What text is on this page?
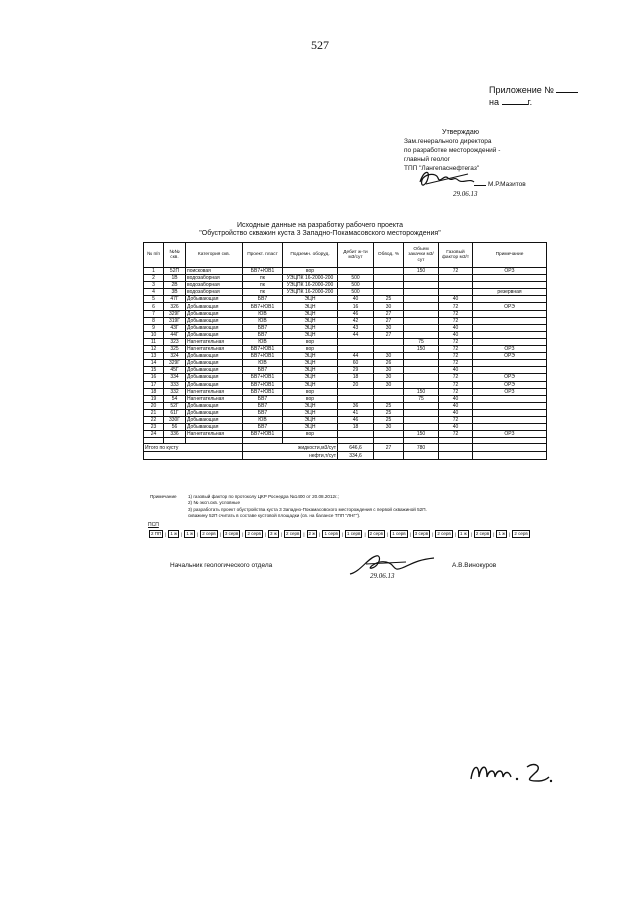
527
Приложение №
на	г.
Утверждаю
Зам.генерального директора
по разработке месторождений -
главный геолог
ТПП "Лангепаснефтегаз"
М.Р.Мазитов
29.06.13
Исходные данные на разработку рабочего проекта
"Обустройство скважин куста 3 Западно-Покамасовского месторождения"
№ п/п	№№ скв.	Категория скв.	Проект. пласт	Подземн. оборуд.	Дебит ж-ти м3/сут	Обвод. %	Объем закачки м3/сут	Газовый фактор м3/т	Примечание
1	52П	поисковая	БВ7+ЮВ1	вор			150	72	ОРЗ
2	1В	водозаборная	пк	УЭЦПК 16-2000-200	500				
3	2В	водозаборная	пк	УЭЦПК 16-2000-200	500				
4	3В	водозаборная	пк	УЭЦПК 16-2000-200	500				резервная
5	47Г	Добывающая	БВ7	ЭЦН	40	25		40	
6	326	Добывающая	БВ7+ЮВ1	ЭЦН	16	30		72	ОРЭ
7	329Г	Добывающая	ЮВ	ЭЦН	46	27		72	
8	319Г	Добывающая	ЮВ	ЭЦН	42	27		72	
9	43Г	Добывающая	БВ7	ЭЦН	43	30		40	
10	44Г	Добывающая	БВ7	ЭЦН	44	27		40	
11	323	Нагнетательная	ЮВ	вор			75	72	
12	325	Нагнетательная	БВ7+ЮВ1	вор			150	72	ОРЗ
13	324	Добывающая	БВ7+ЮВ1	ЭЦН	44	30		72	ОРЭ
14	329Г	Добывающая	ЮВ	ЭЦН	60	26		72	
15	45Г	Добывающая	БВ7	ЭЦН	29	30		40	
16	334	Добывающая	БВ7+ЮВ1	ЭЦН	18	30		72	ОРЭ
17	333	Добывающая	БВ7+ЮВ1	ЭЦН	20	30		72	ОРЭ
18	332	Нагнетательная	БВ7+ЮВ1	вор			150	72	ОРЗ
19	54	Нагнетательная	БВ7	вор			75	40	
20	52Г	Добывающая	БВ7	ЭЦН	36	25		40	
21	61Г	Добывающая	БВ7	ЭЦН	41	25		40	
22	330Г	Добывающая	ЮВ	ЭЦН	46	25		72	
23	56	Добывающая	БВ7	ЭЦН	18	30		40	
24	336	Нагнетательная	БВ7+ЮВ1	вор			150	72	ОРЗ

Итого по кусту			жидкости,м3/сут		646,6	27	780		
			нефти,т/сут		334,6				
Примечание	1) газовый фактор по протоколу ЦКР Роснедра №1400 от 20.08.2012г.;
2) № эксп.скв. условные
3) разработать проект обустройства куста 3 Западно-Покамасовского месторождения с первой скважиной 52П.
скважину 52П считать в составе кустовой площадки (св. на балансе ТПП "ЛНГ").
ПСП
2 ПП | 1 ж | 1 ж | 2 серв | 3 серв | 2 серв | 3 ж | 2 серв | 2 ж | 1 серв | 1 серв | 2 серв | 1 серв | 3 серв | 2 серв | 1 ж | 2 серв | 1 ж | 2 серв
Начальник геологического отдела
29.06.13
А.В.Винокуров
